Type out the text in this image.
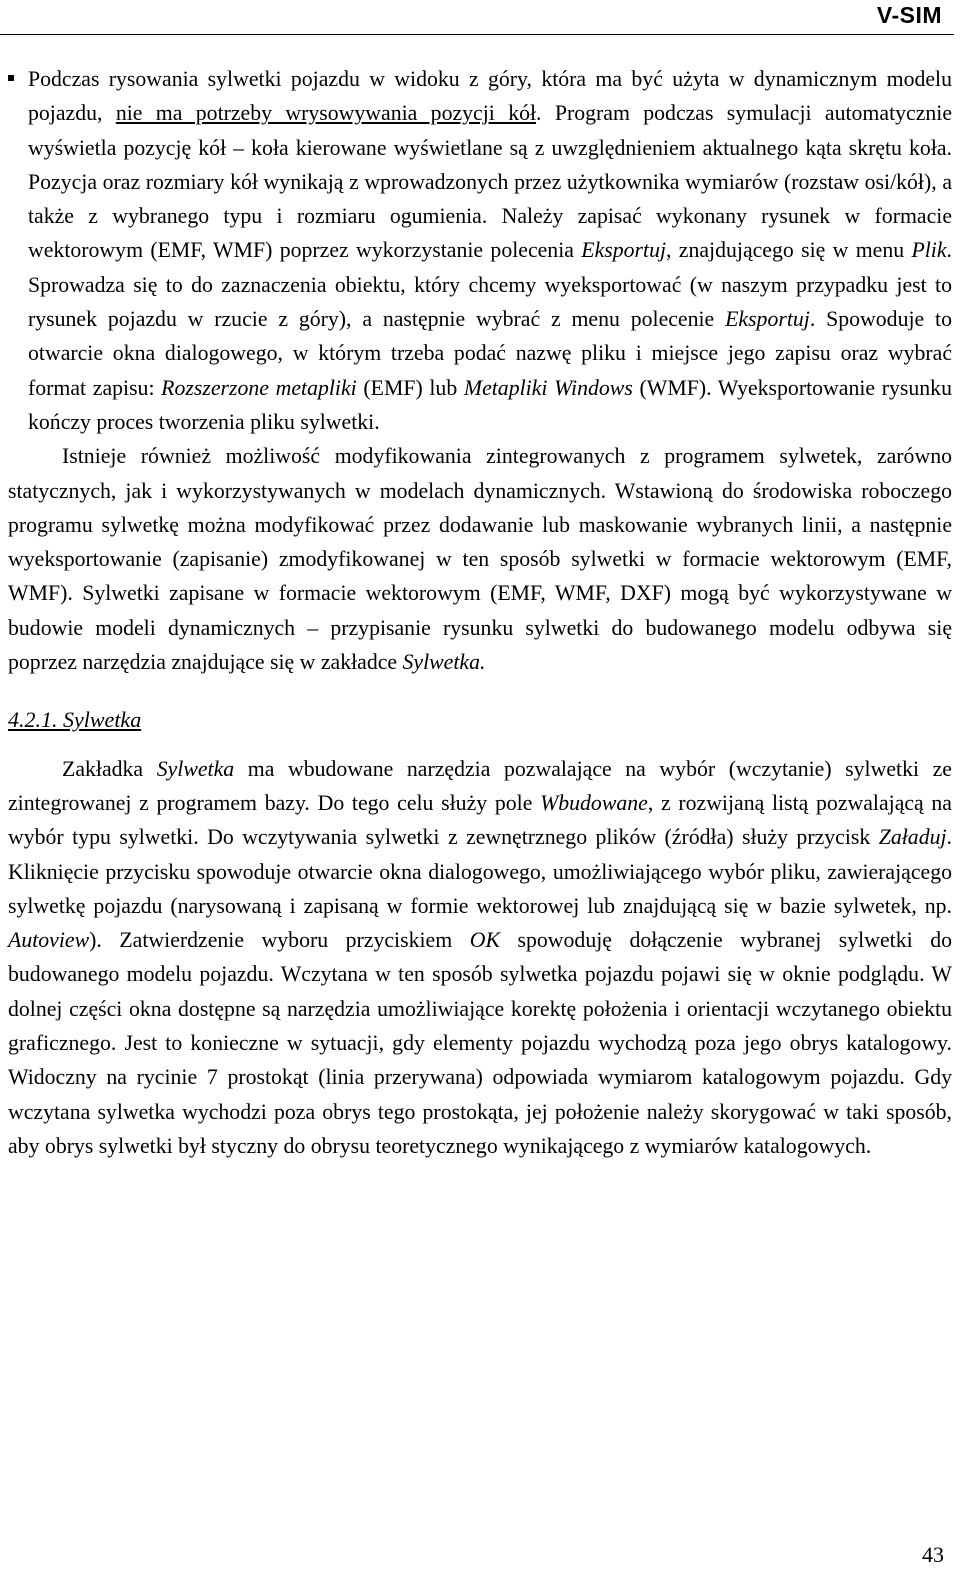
V-SIM

Podczas rysowania sylwetki pojazdu w widoku z góry, która ma być użyta w dynamicznym modelu pojazdu, nie ma potrzeby wrysowywania pozycji kół. Program podczas symulacji automatycznie wyświetla pozycję kół – koła kierowane wyświetlane są z uwzględnieniem aktualnego kąta skrętu koła. Pozycja oraz rozmiary kół wynikają z wprowadzonych przez użytkownika wymiarów (rozstaw osi/kół), a także z wybranego typu i rozmiaru ogumienia. Należy zapisać wykonany rysunek w formacie wektorowym (EMF, WMF) poprzez wykorzystanie polecenia Eksportuj, znajdującego się w menu Plik. Sprowadza się to do zaznaczenia obiektu, który chcemy wyeksportować (w naszym przypadku jest to rysunek pojazdu w rzucie z góry), a następnie wybrać z menu polecenie Eksportuj. Spowoduje to otwarcie okna dialogowego, w którym trzeba podać nazwę pliku i miejsce jego zapisu oraz wybrać format zapisu: Rozszerzone metapliki (EMF) lub Metapliki Windows (WMF). Wyeksportowanie rysunku kończy proces tworzenia pliku sylwetki.

Istnieje również możliwość modyfikowania zintegrowanych z programem sylwetek, zarówno statycznych, jak i wykorzystywanych w modelach dynamicznych. Wstawioną do środowiska roboczego programu sylwetkę można modyfikować przez dodawanie lub maskowanie wybranych linii, a następnie wyeksportowanie (zapisanie) zmodyfikowanej w ten sposób sylwetki w formacie wektorowym (EMF, WMF). Sylwetki zapisane w formacie wektorowym (EMF, WMF, DXF) mogą być wykorzystywane w budowie modeli dynamicznych – przypisanie rysunku sylwetki do budowanego modelu odbywa się poprzez narzędzia znajdujące się w zakładce Sylwetka.

4.2.1. Sylwetka

Zakładka Sylwetka ma wbudowane narzędzia pozwalające na wybór (wczytanie) sylwetki ze zintegrowanej z programem bazy. Do tego celu służy pole Wbudowane, z rozwijaną listą pozwalającą na wybór typu sylwetki. Do wczytywania sylwetki z zewnętrznego plików (źródła) służy przycisk Załaduj. Kliknięcie przycisku spowoduje otwarcie okna dialogowego, umożliwiającego wybór pliku, zawierającego sylwetkę pojazdu (narysowaną i zapisaną w formie wektorowej lub znajdującą się w bazie sylwetek, np. Autoview). Zatwierdzenie wyboru przyciskiem OK spowoduję dołączenie wybranej sylwetki do budowanego modelu pojazdu. Wczytana w ten sposób sylwetka pojazdu pojawi się w oknie podglądu. W dolnej części okna dostępne są narzędzia umożliwiające korektę położenia i orientacji wczytanego obiektu graficznego. Jest to konieczne w sytuacji, gdy elementy pojazdu wychodzą poza jego obrys katalogowy. Widoczny na rycinie 7 prostokąt (linia przerywana) odpowiada wymiarom katalogowym pojazdu. Gdy wczytana sylwetka wychodzi poza obrys tego prostokąta, jej położenie należy skorygować w taki sposób, aby obrys sylwetki był styczny do obrysu teoretycznego wynikającego z wymiarów katalogowych.

43
